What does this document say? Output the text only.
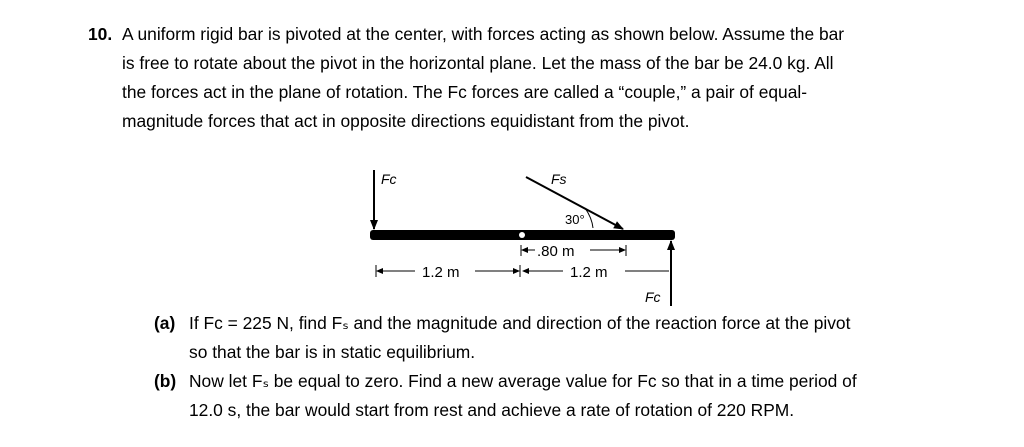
10. A uniform rigid bar is pivoted at the center, with forces acting as shown below. Assume the bar
is free to rotate about the pivot in the horizontal plane. Let the mass of the bar be 24.0 kg. All
the forces act in the plane of rotation. The Fᴄ forces are called a “couple,” a pair of equal-
magnitude forces that act in opposite directions equidistant from the pivot.
Fc	Fs
30°
.80 m
1.2 m	1.2 m
Fc
(a) If Fᴄ = 225 N, find Fₛ and the magnitude and direction of the reaction force at the pivot
so that the bar is in static equilibrium.
(b) Now let Fₛ be equal to zero. Find a new average value for Fᴄ so that in a time period of
12.0 s, the bar would start from rest and achieve a rate of rotation of 220 RPM.
